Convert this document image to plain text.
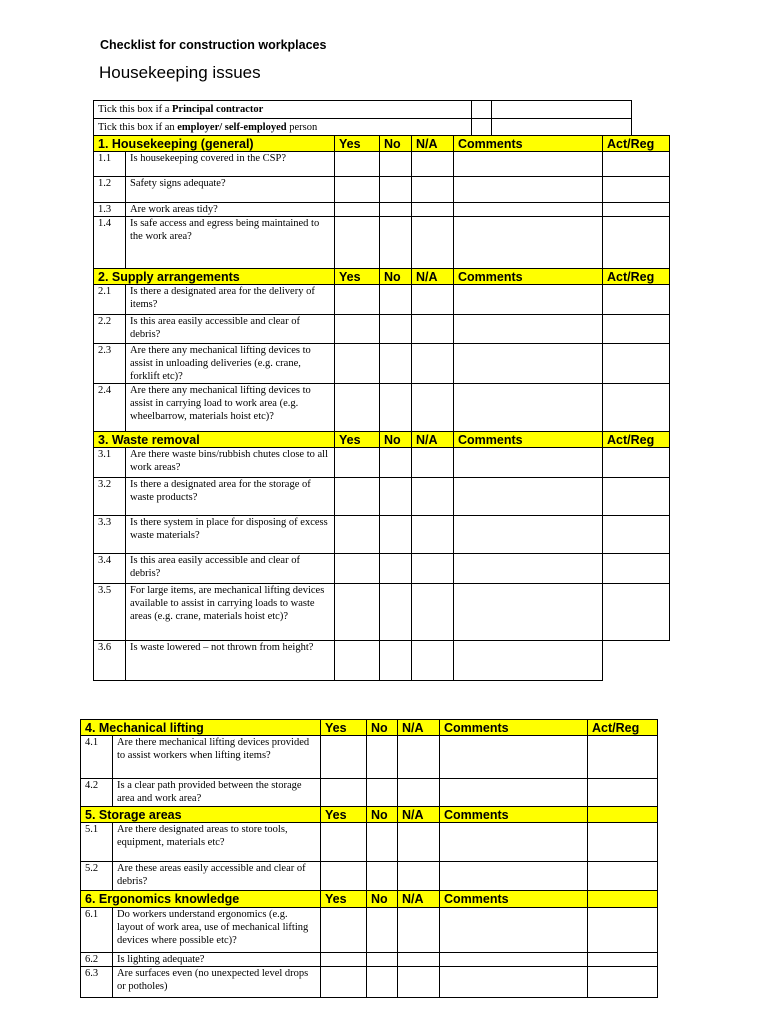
Checklist for construction workplaces
Housekeeping issues
Tick this box if a Principal contractor		
Tick this box if an employer/ self-employed person		
1. Housekeeping (general)		Yes	No	N/A	Comments	Act/Reg
1.1	Is housekeeping covered in the CSP?					
1.2	Safety signs adequate?					
1.3	Are work areas tidy?					
1.4	Is safe access and egress being maintained to the work area?					
2. Supply arrangements		Yes	No	N/A	Comments	Act/Reg
2.1	Is there a designated area for the delivery of items?					
2.2	Is this area easily accessible and clear of debris?					
2.3	Are there any mechanical lifting devices to assist in unloading deliveries (e.g. crane, forklift etc)?					
2.4	Are there any mechanical lifting devices to assist in carrying load to work area (e.g. wheelbarrow, materials hoist etc)?					
3. Waste removal		Yes	No	N/A	Comments	Act/Reg
3.1	Are there waste bins/rubbish chutes close to all work areas?					
3.2	Is there a designated area for the storage of waste products?					
3.3	Is there system in place for disposing of excess waste materials?					
3.4	Is this area easily accessible and clear of debris?					
3.5	For large items, are mechanical lifting devices available to assist in carrying loads to waste areas (e.g. crane, materials hoist etc)?					
3.6	Is waste lowered – not thrown from height?					
4. Mechanical lifting		Yes	No	N/A	Comments	Act/Reg
4.1	Are there mechanical lifting devices provided to assist workers when lifting items?					
4.2	Is a clear path provided between the storage area and work area?					
5. Storage areas		Yes	No	N/A	Comments	
5.1	Are there designated areas to store tools, equipment, materials etc?					
5.2	Are these areas easily accessible and clear of debris?					
6. Ergonomics knowledge		Yes	No	N/A	Comments	
6.1	Do workers understand ergonomics (e.g. layout of work area, use of mechanical lifting devices where possible etc)?					
6.2	Is lighting adequate?					
6.3	Are surfaces even (no unexpected level drops or potholes)					
